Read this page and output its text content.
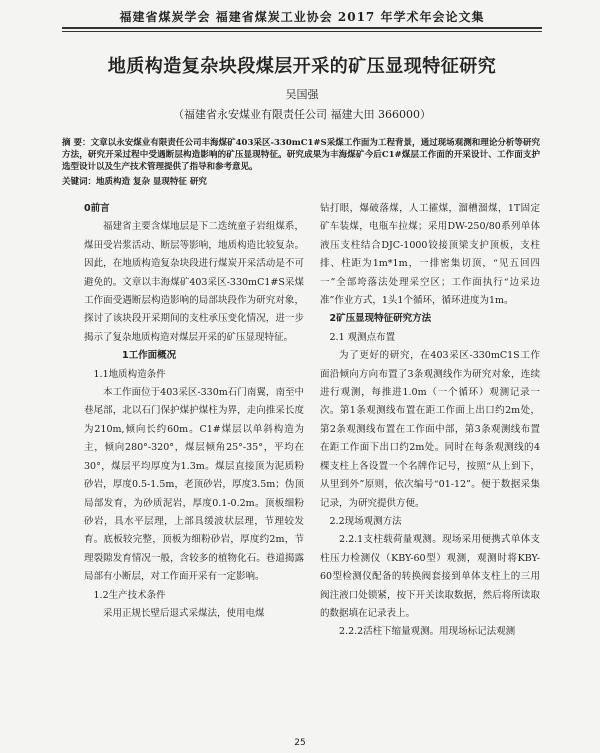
福建省煤炭学会 福建省煤炭工业协会 2017 年学术年会论文集
地质构造复杂块段煤层开采的矿压显现特征研究
吴国强
（福建省永安煤业有限责任公司 福建大田 366000）
摘 要：文章以永安煤业有限责任公司丰海煤矿403采区-330mC1#S采煤工作面为工程背景，通过现场观测和理论分析等研究方法，研究开采过程中受遇断层构造影响的矿压显现特征。研究成果为丰海煤矿今后C1#煤层工作面的开采设计、工作面支护选型设计以及生产技术管理提供了指导和参考意见。
关键词：地质构造 复杂 显现特征 研究

0前言

福建省主要含煤地层是下二迭统童子岩组煤系，煤田受岩浆活动、断层等影响，地质构造比较复杂。因此，在地质构造复杂块段进行煤炭开采活动是不可避免的。文章以丰海煤矿403采区-330mC1#S采煤工作面受遇断层构造影响的局部块段作为研究对象，探讨了该块段开采期间的支柱承压变化情况，进一步揭示了复杂地质构造对煤层开采的矿压显现特征。

1工作面概况

1.1地质构造条件

本工作面位于403采区-330m石门南翼，南至中巷尾部，北以石门保护煤护煤柱为界，走向推采长度为210m,倾向长约60m。C1#煤层以单斜构造为主，倾向280°-320°，煤层倾角25°-35°，平均在30°，煤层平均厚度为1.3m。煤层直接顶为泥质粉砂岩，厚度0.5-1.5m，老顶砂岩，厚度3.5m；伪顶局部发育，为砂质泥岩，厚度0.1-0.2m。顶板细粉砂岩，具水平层理，上部具缓波状层理，节理较发育。底板较完整，顶板为细粉砂岩，厚度约2m，节理裂隙发育情况一般，含较多的植物化石。巷道揭露局部有小断层，对工作面开采有一定影响。

1.2生产技术条件

采用正规长壁后退式采煤法，使用电煤

钻打眼，爆破落煤，人工攉煤，溜槽溜煤，1T固定矿车装煤，电瓶车拉煤；采用DW-250/80系列单体液压支柱结合DJC-1000铰接顶梁支护顶板，支柱排、柱距为1m*1m，一排密集切顶，“见五回四一”全部垮落法处理采空区；工作面执行“边采边准”作业方式，1头1个循环，循环进度为1m。

2矿压显现特征研究方法

2.1 观测点布置

为了更好的研究，在403采区-330mC1S工作面沿倾向方向布置了3条观测线作为研究对象，连续进行观测，每推进1.0m（一个循环）观测记录一次。第1条观测线布置在距工作面上出口约2m处，第2条观测线布置在工作面中部，第3条观测线布置在距工作面下出口约2m处。同时在每条观测线的4棵支柱上各设置一个名牌作记号，按照“从上到下，从里到外”原则，依次编号“01-12”。便于数据采集记录，为研究提供方便。

2.2现场观测方法

2.2.1支柱载荷量观测。现场采用便携式单体支柱压力检测仪（KBY-60型）观测，观测时将KBY-60型检测仪配备的转换阀套接到单体支柱上的三用阀注液口处锁紧，按下开关读取数据，然后将所读取的数据填在记录表上。

2.2.2活柱下缩量观测。用现场标记法观测

25
